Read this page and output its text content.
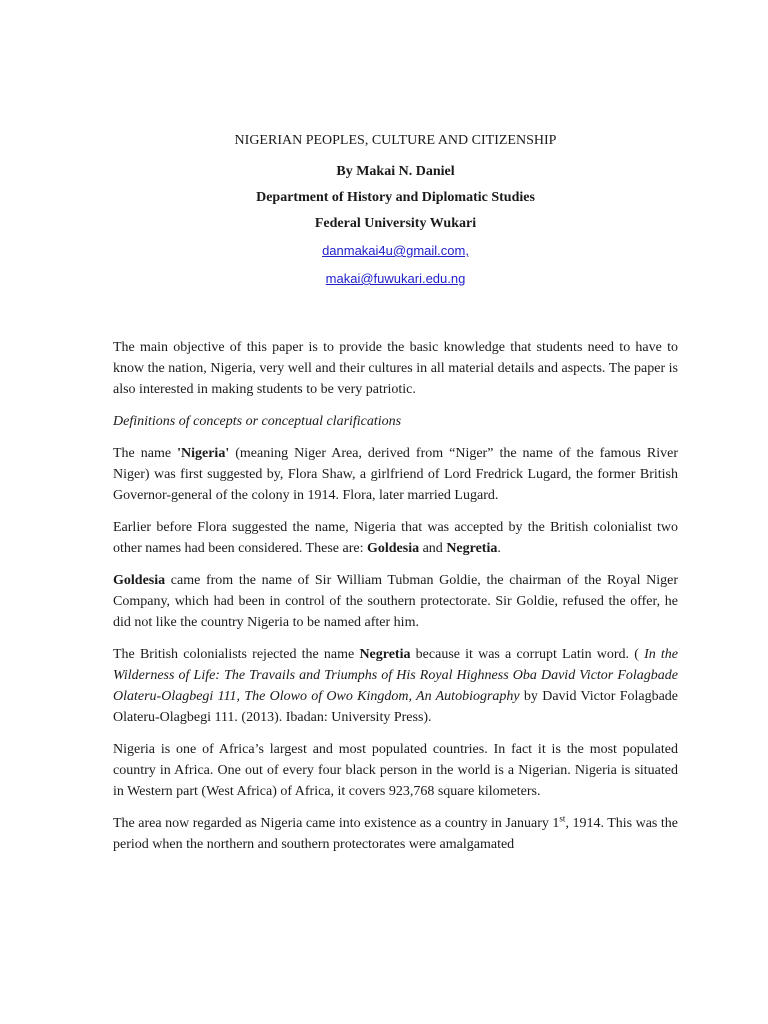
NIGERIAN PEOPLES, CULTURE AND CITIZENSHIP
By Makai N. Daniel
Department of History and Diplomatic Studies
Federal University Wukari
danmakai4u@gmail.com,
makai@fuwukari.edu.ng

The main objective of this paper is to provide the basic knowledge that students need to have to know the nation, Nigeria, very well and their cultures in all material details and aspects. The paper is also interested in making students to be very patriotic.

Definitions of concepts or conceptual clarifications

The name 'Nigeria' (meaning Niger Area, derived from “Niger” the name of the famous River Niger) was first suggested by, Flora Shaw, a girlfriend of Lord Fredrick Lugard, the former British Governor-general of the colony in 1914. Flora, later married Lugard.

Earlier before Flora suggested the name, Nigeria that was accepted by the British colonialist two other names had been considered. These are: Goldesia and Negretia.

Goldesia came from the name of Sir William Tubman Goldie, the chairman of the Royal Niger Company, which had been in control of the southern protectorate. Sir Goldie, refused the offer, he did not like the country Nigeria to be named after him.

The British colonialists rejected the name Negretia because it was a corrupt Latin word. ( In the Wilderness of Life: The Travails and Triumphs of His Royal Highness Oba David Victor Folagbade Olateru-Olagbegi 111, The Olowo of Owo Kingdom, An Autobiography by David Victor Folagbade Olateru-Olagbegi 111. (2013). Ibadan: University Press).

Nigeria is one of Africa’s largest and most populated countries. In fact it is the most populated country in Africa. One out of every four black person in the world is a Nigerian. Nigeria is situated in Western part (West Africa) of Africa, it covers 923,768 square kilometers.

The area now regarded as Nigeria came into existence as a country in January 1st, 1914. This was the period when the northern and southern protectorates were amalgamated
